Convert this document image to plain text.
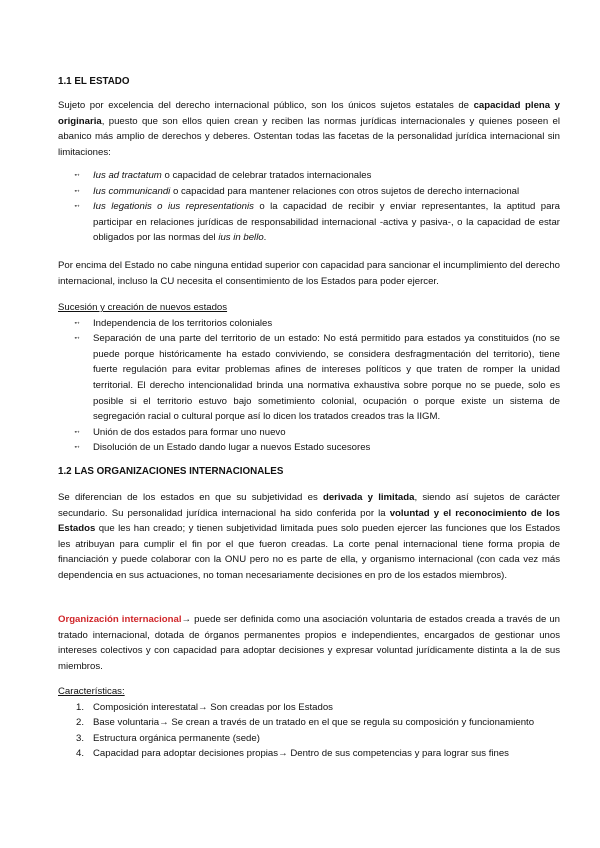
1.1 EL ESTADO

Sujeto por excelencia del derecho internacional público, son los únicos sujetos estatales de capacidad plena y originaria, puesto que son ellos quien crean y reciben las normas jurídicas internacionales y quienes poseen el abanico más amplio de derechos y deberes. Ostentan todas las facetas de la personalidad jurídica internacional sin limitaciones:

➻ Ius ad tractatum o capacidad de celebrar tratados internacionales
➻ Ius communicandi o capacidad para mantener relaciones con otros sujetos de derecho internacional
➻ Ius legationis o ius representationis o la capacidad de recibir y enviar representantes, la aptitud para participar en relaciones jurídicas de responsabilidad internacional -activa y pasiva-, o la capacidad de estar obligados por las normas del ius in bello.

Por encima del Estado no cabe ninguna entidad superior con capacidad para sancionar el incumplimiento del derecho internacional, incluso la CU necesita el consentimiento de los Estados para poder ejercer.

Sucesión y creación de nuevos estados
➻ Independencia de los territorios coloniales
➻ Separación de una parte del territorio de un estado: No está permitido para estados ya constituidos (no se puede porque históricamente ha estado conviviendo, se considera desfragmentación del territorio), tiene fuerte regulación para evitar problemas afines de intereses políticos y que traten de romper la unidad territorial. El derecho intencionalidad brinda una normativa exhaustiva sobre porque no se puede, solo es posible si el territorio estuvo bajo sometimiento colonial, ocupación o porque existe un sistema de segregación racial o cultural porque así lo dicen los tratados creados tras la IIGM.
➻ Unión de dos estados para formar uno nuevo
➻ Disolución de un Estado dando lugar a nuevos Estado sucesores
1.2 LAS ORGANIZACIONES INTERNACIONALES

Se diferencian de los estados en que su subjetividad es derivada y limitada, siendo así sujetos de carácter secundario. Su personalidad jurídica internacional ha sido conferida por la voluntad y el reconocimiento de los Estados que les han creado; y tienen subjetividad limitada pues solo pueden ejercer las funciones que los Estados les atribuyan para cumplir el fin por el que fueron creadas. La corte penal internacional tiene forma propia de financiación y puede colaborar con la ONU pero no es parte de ella, y organismo internacional (con cada vez más dependencia en sus actuaciones, no toman necesariamente decisiones en pro de los estados miembros).

Organización internacional→ puede ser definida como una asociación voluntaria de estados creada a través de un tratado internacional, dotada de órganos permanentes propios e independientes, encargados de gestionar unos intereses colectivos y con capacidad para adoptar decisiones y expresar voluntad jurídicamente distinta a la de sus miembros.

Características:
1. Composición interestatal→ Son creadas por los Estados
2. Base voluntaria→ Se crean a través de un tratado en el que se regula su composición y funcionamiento
3. Estructura orgánica permanente (sede)
4. Capacidad para adoptar decisiones propias→ Dentro de sus competencias y para lograr sus fines
